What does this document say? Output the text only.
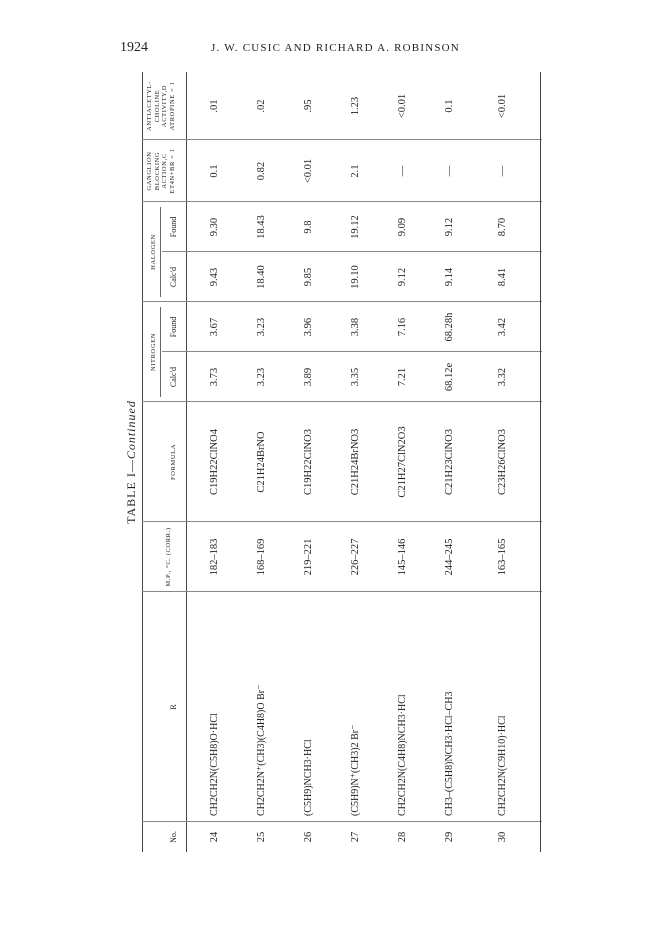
1924	J. W. CUSIC AND RICHARD A. ROBINSON
TABLE I—Continued
No.
R
M.P., °C. (CORR.)
FORMULA
NITROGEN
Calc'd
Found
HALOGEN
Calc'd
Found
GANGLION BLOCKING ACTION,C ET4N+BR = 1
ANTIACETYL-CHOLINE ACTIVITY,D ATROPINE = 1
24
CH2CH2N(C5H8)O·HCl
182–183
C19H22ClNO4
3.73
3.67
9.43
9.30
0.1
.01
25
CH2CH2N⁺(CH3)(C4H8)O Br⁻
168–169
C21H24BrNO
3.23
3.23
18.40
18.43
0.82
.02
26
(C5H9)NCH3·HCl
219–221
C19H22ClNO3
3.89
3.96
9.85
9.8
<0.01
.95
27
(C5H9)N⁺(CH3)2 Br⁻
226–227
C21H24BrNO3
3.35
3.38
19.10
19.12
2.1
1.23
28
CH2CH2N(C4H8)NCH3·HCl
145–146
C21H27ClN2O3
7.21
7.16
9.12
9.09
—
<0.01
29
CH3–(C5H8)NCH3·HCl–CH3
244–245
C21H23ClNO3
68.12e
68.28h
9.14
9.12
—
0.1
30
CH2CH2N(C9H10)·HCl
163–165
C23H26ClNO3
3.32
3.42
8.41
8.70
—
<0.01
